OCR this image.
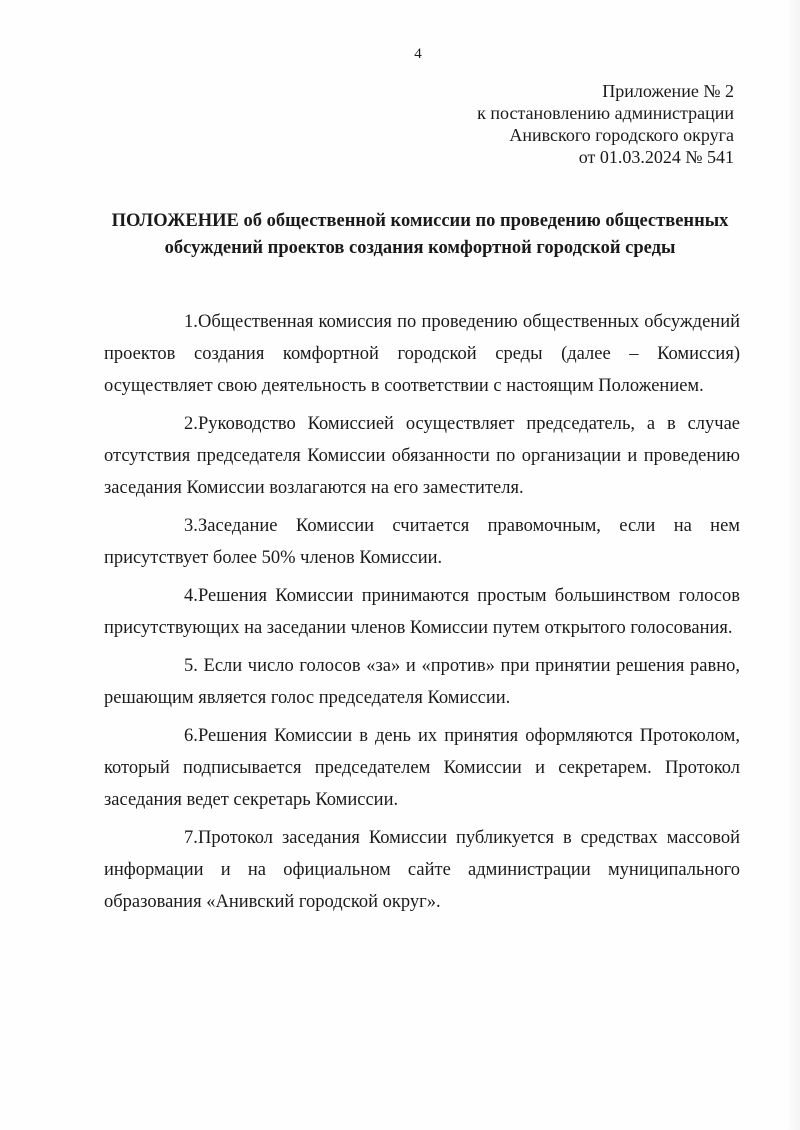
4
Приложение № 2
к постановлению администрации
Анивского городского округа
от 01.03.2024 № 541
ПОЛОЖЕНИЕ об общественной комиссии по проведению общественных обсуждений проектов создания комфортной городской среды

1.Общественная комиссия по проведению общественных обсуждений проектов создания комфортной городской среды (далее – Комиссия) осуществляет свою деятельность в соответствии с настоящим Положением.

2.Руководство Комиссией осуществляет председатель, а в случае отсутствия председателя Комиссии обязанности по организации и проведению заседания Комиссии возлагаются на его заместителя.

3.Заседание Комиссии считается правомочным, если на нем присутствует более 50% членов Комиссии.

4.Решения Комиссии принимаются простым большинством голосов присутствующих на заседании членов Комиссии путем открытого голосования.

5. Если число голосов «за» и «против» при принятии решения равно, решающим является голос председателя Комиссии.

6.Решения Комиссии в день их принятия оформляются Протоколом, который подписывается председателем Комиссии и секретарем. Протокол заседания ведет секретарь Комиссии.

7.Протокол заседания Комиссии публикуется в средствах массовой информации и на официальном сайте администрации муниципального образования «Анивский городской округ».
